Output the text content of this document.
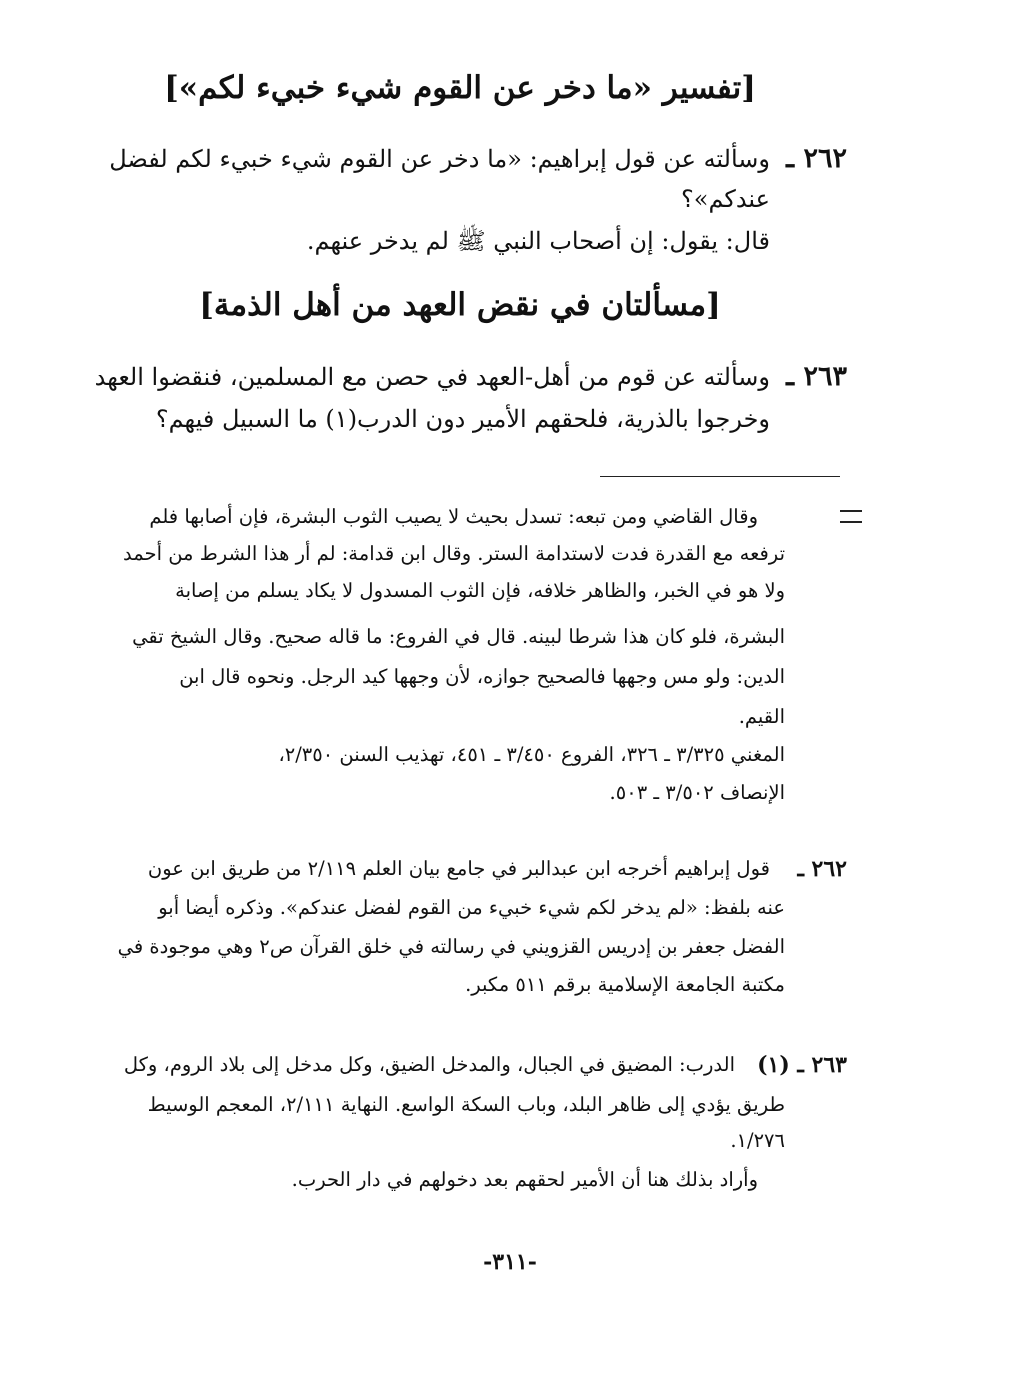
[تفسير «ما دخر عن القوم شيء خبيء لكم»]
٢٦٢ ـ
وسألته عن قول إبراهيم: «ما دخر عن القوم شيء خبيء لكم لفضل
عندكم»؟
قال: يقول: إن أصحاب النبي ﷺ لم يدخر عنهم.
[مسألتان في نقض العهد من أهل الذمة]
٢٦٣ ـ
وسألته عن قوم من أهل-العهد في حصن مع المسلمين، فنقضوا العهد
وخرجوا بالذرية، فلحقهم الأمير دون الدرب(١) ما السبيل فيهم؟
وقال القاضي ومن تبعه: تسدل بحيث لا يصيب الثوب البشرة، فإن أصابها فلم
ترفعه مع القدرة فدت لاستدامة الستر. وقال ابن قدامة: لم أر هذا الشرط من أحمد
ولا هو في الخبر، والظاهر خلافه، فإن الثوب المسدول لا يكاد يسلم من إصابة
البشرة، فلو كان هذا شرطا لبينه. قال في الفروع: ما قاله صحيح. وقال الشيخ تقي
الدين: ولو مس وجهها فالصحيح جوازه، لأن وجهها كيد الرجل. ونحوه قال ابن
القيم.
المغني ٣/٣٢٥ ـ ٣٢٦، الفروع ٣/٤٥٠ ـ ٤٥١، تهذيب السنن ٢/٣٥٠،
الإنصاف ٣/٥٠٢ ـ ٥٠٣.
٢٦٢ ـ
قول إبراهيم أخرجه ابن عبدالبر في جامع بيان العلم ٢/١١٩ من طريق ابن عون
عنه بلفظ: «لم يدخر لكم شيء خبيء من القوم لفضل عندكم». وذكره أيضا أبو
الفضل جعفر بن إدريس القزويني في رسالته في خلق القرآن ص٢ وهي موجودة في
مكتبة الجامعة الإسلامية برقم ٥١١ مكبر.
٢٦٣ ـ (١)
الدرب: المضيق في الجبال، والمدخل الضيق، وكل مدخل إلى بلاد الروم، وكل
طريق يؤدي إلى ظاهر البلد، وباب السكة الواسع. النهاية ٢/١١١، المعجم الوسيط
١/٢٧٦.
وأراد بذلك هنا أن الأمير لحقهم بعد دخولهم في دار الحرب.
-٣١١-
